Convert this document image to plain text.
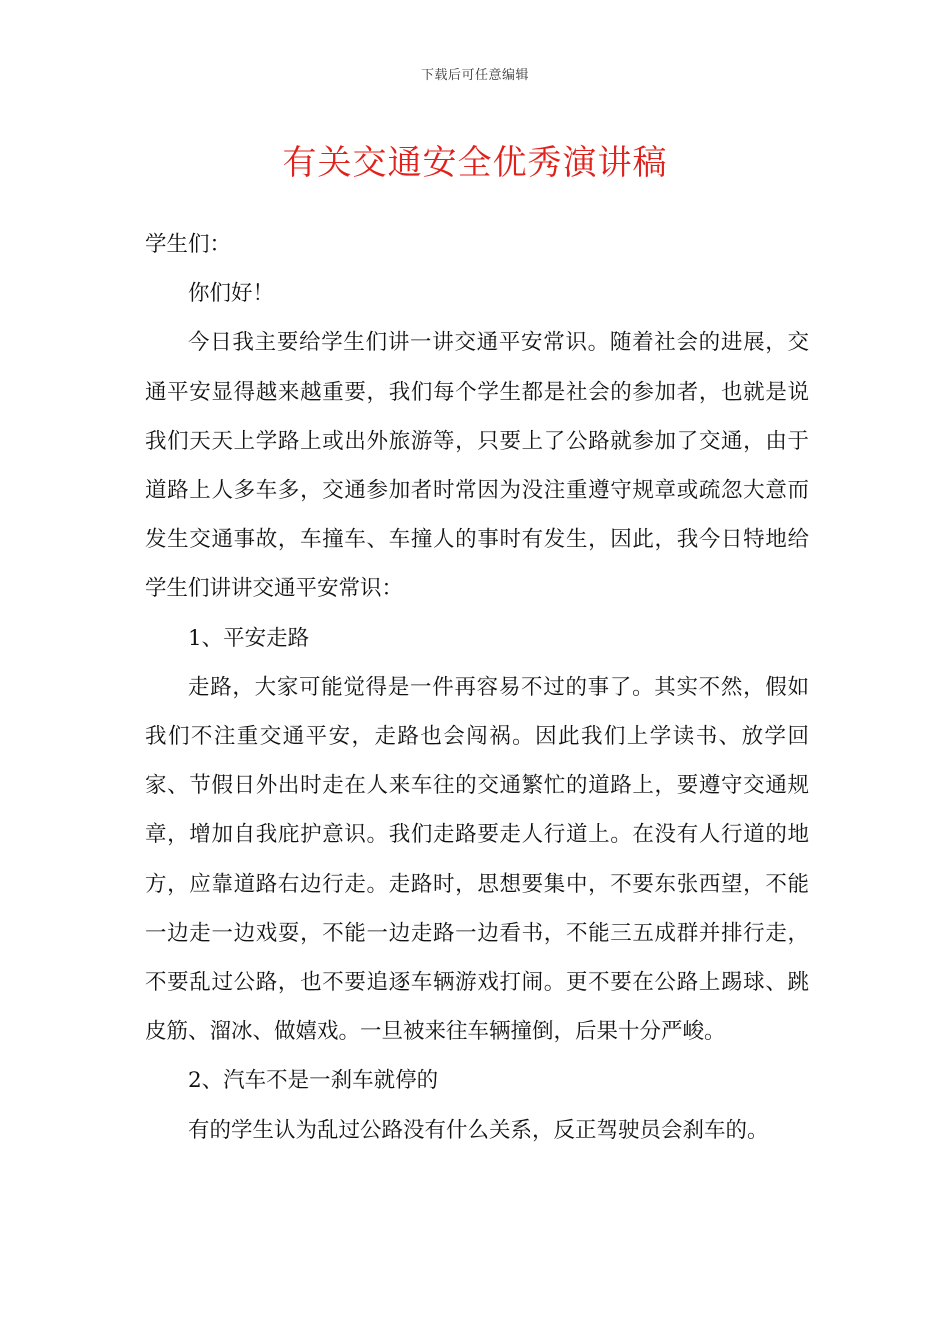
下载后可任意编辑
有关交通安全优秀演讲稿

学生们：

你们好！

今日我主要给学生们讲一讲交通平安常识。随着社会的进展，交通平安显得越来越重要，我们每个学生都是社会的参加者，也就是说我们天天上学路上或出外旅游等，只要上了公路就参加了交通，由于道路上人多车多，交通参加者时常因为没注重遵守规章或疏忽大意而发生交通事故，车撞车、车撞人的事时有发生，因此，我今日特地给学生们讲讲交通平安常识：

1、平安走路

走路，大家可能觉得是一件再容易不过的事了。其实不然，假如我们不注重交通平安，走路也会闯祸。因此我们上学读书、放学回家、节假日外出时走在人来车往的交通繁忙的道路上，要遵守交通规章，增加自我庇护意识。我们走路要走人行道上。在没有人行道的地方，应靠道路右边行走。走路时，思想要集中，不要东张西望，不能一边走一边戏耍，不能一边走路一边看书，不能三五成群并排行走，不要乱过公路，也不要追逐车辆游戏打闹。更不要在公路上踢球、跳皮筋、溜冰、做嬉戏。一旦被来往车辆撞倒，后果十分严峻。

2、汽车不是一刹车就停的

有的学生认为乱过公路没有什么关系，反正驾驶员会刹车的。
